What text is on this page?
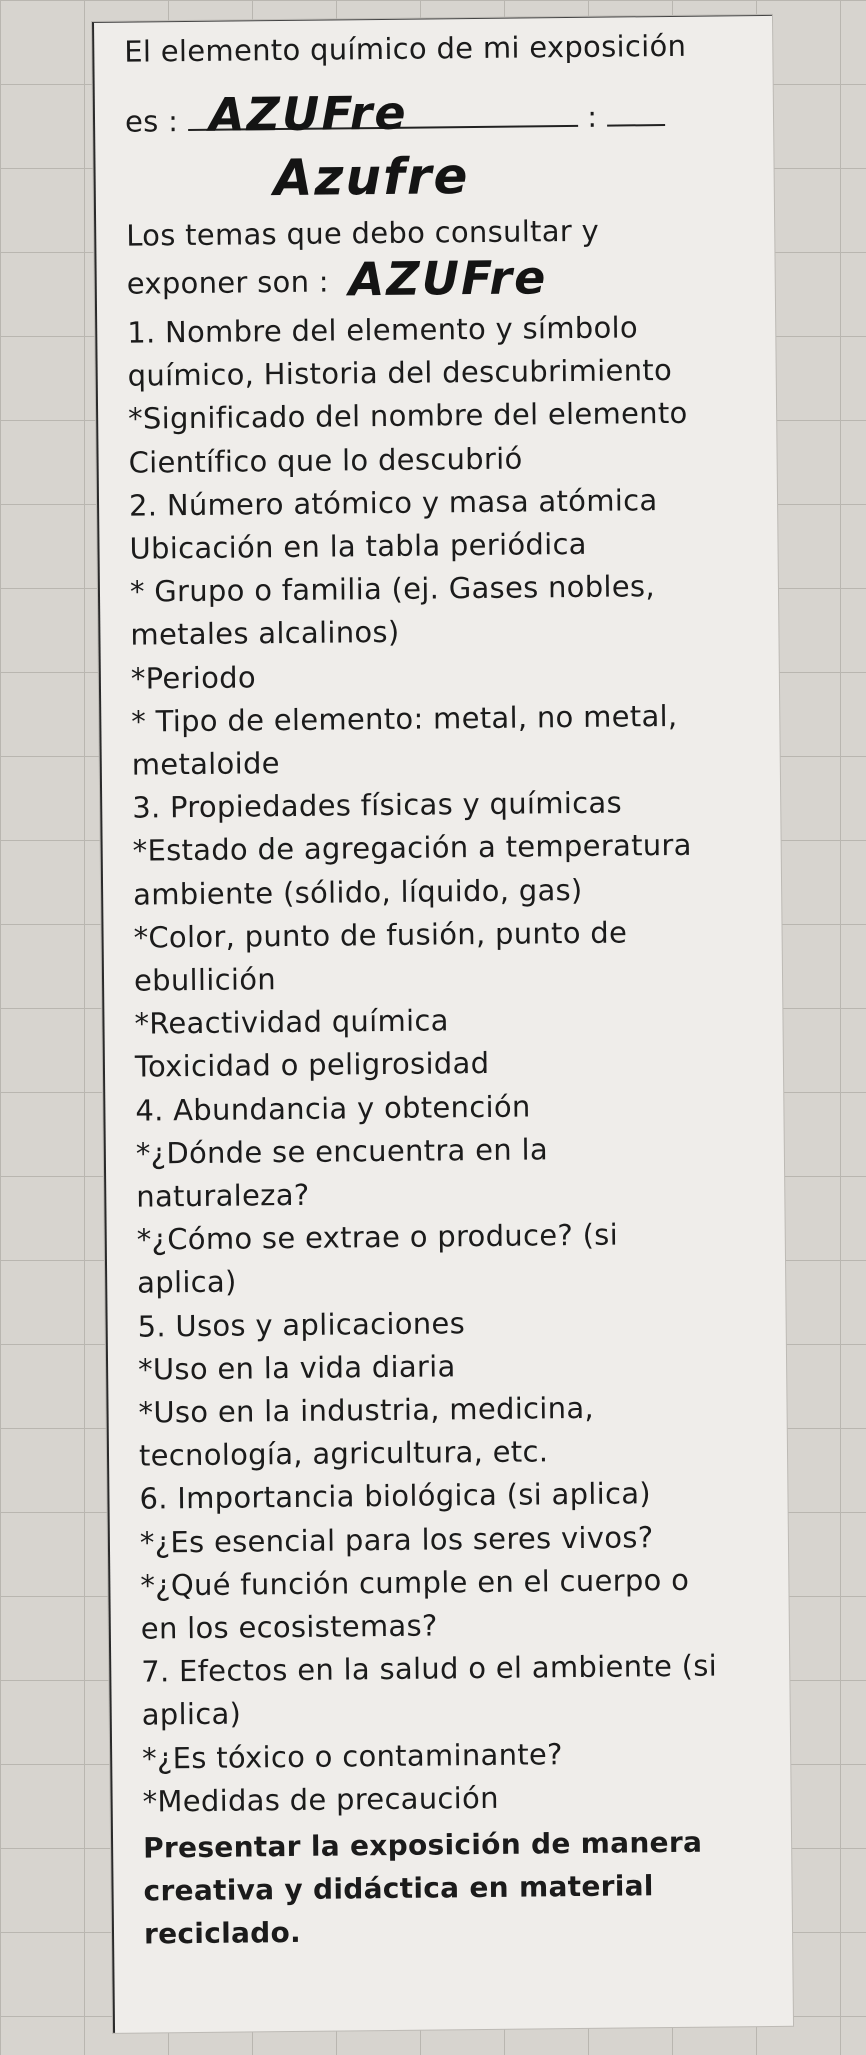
El elemento químico de mi exposición
es :	:
AZUFre
Azufre
Los temas que debo consultar y
exponer son : AZUFre
1. Nombre del elemento y símbolo
químico, Historia del descubrimiento
*Significado del nombre del elemento
Científico que lo descubrió
2. Número atómico y masa atómica
Ubicación en la tabla periódica
* Grupo o familia (ej. Gases nobles,
metales alcalinos)
*Periodo
* Tipo de elemento: metal, no metal,
metaloide
3. Propiedades físicas y químicas
*Estado de agregación a temperatura
ambiente (sólido, líquido, gas)
*Color, punto de fusión, punto de
ebullición
*Reactividad química
Toxicidad o peligrosidad
4. Abundancia y obtención
*¿Dónde se encuentra en la
naturaleza?
*¿Cómo se extrae o produce? (si
aplica)
5. Usos y aplicaciones
*Uso en la vida diaria
*Uso en la industria, medicina,
tecnología, agricultura, etc.
6. Importancia biológica (si aplica)
*¿Es esencial para los seres vivos?
*¿Qué función cumple en el cuerpo o
en los ecosistemas?
7. Efectos en la salud o el ambiente (si
aplica)
*¿Es tóxico o contaminante?
*Medidas de precaución
Presentar la exposición de manera
creativa y didáctica en material
reciclado.
